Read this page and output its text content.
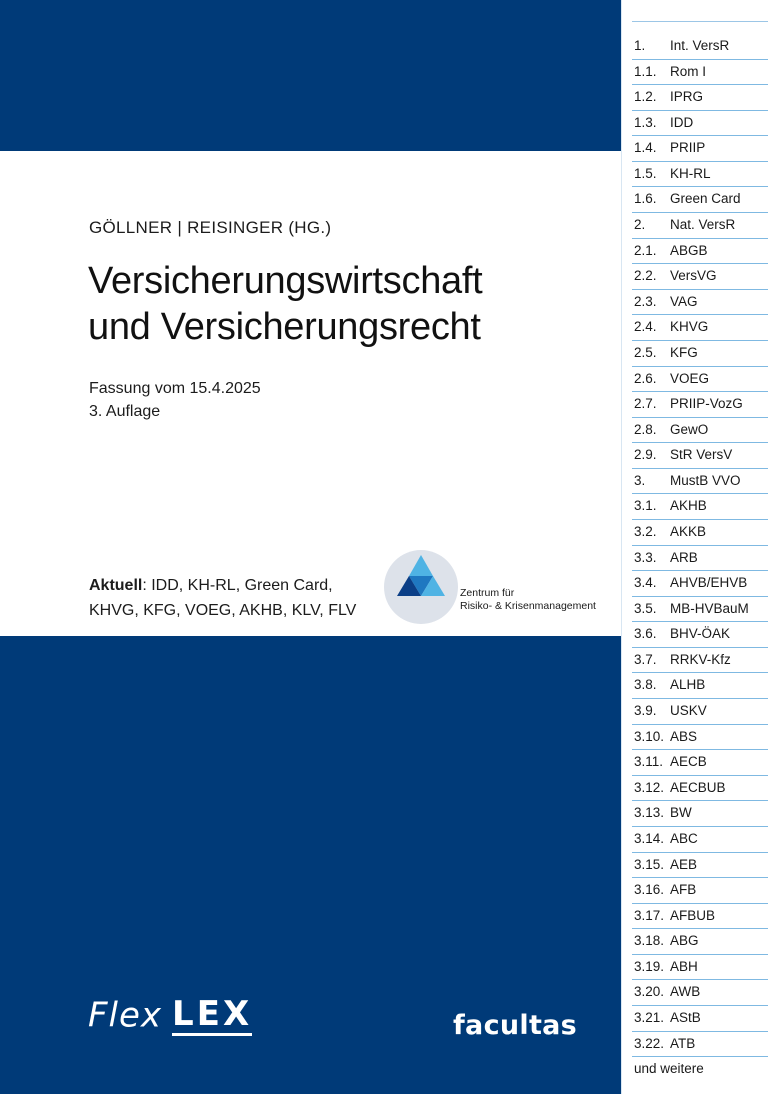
GÖLLNER | REISINGER (HG.)
Versicherungswirtschaft
und Versicherungsrecht
Fassung vom 15.4.2025
3. Auflage
Aktuell: IDD, KH-RL, Green Card,
KHVG, KFG, VOEG, AKHB, KLV, FLV
Zentrum für
Risiko- & Krisenmanagement
Flex LEX	facultas
1. Int. VersR
1.1. Rom I
1.2. IPRG
1.3. IDD
1.4. PRIIP
1.5. KH-RL
1.6. Green Card
2. Nat. VersR
2.1. ABGB
2.2. VersVG
2.3. VAG
2.4. KHVG
2.5. KFG
2.6. VOEG
2.7. PRIIP-VozG
2.8. GewO
2.9. StR VersV
3. MustB VVO
3.1. AKHB
3.2. AKKB
3.3. ARB
3.4. AHVB/EHVB
3.5. MB-HVBauM
3.6. BHV-ÖAK
3.7. RRKV-Kfz
3.8. ALHB
3.9. USKV
3.10. ABS
3.11. AECB
3.12. AECBUB
3.13. BW
3.14. ABC
3.15. AEB
3.16. AFB
3.17. AFBUB
3.18. ABG
3.19. ABH
3.20. AWB
3.21. AStB
3.22. ATB
und weitere
